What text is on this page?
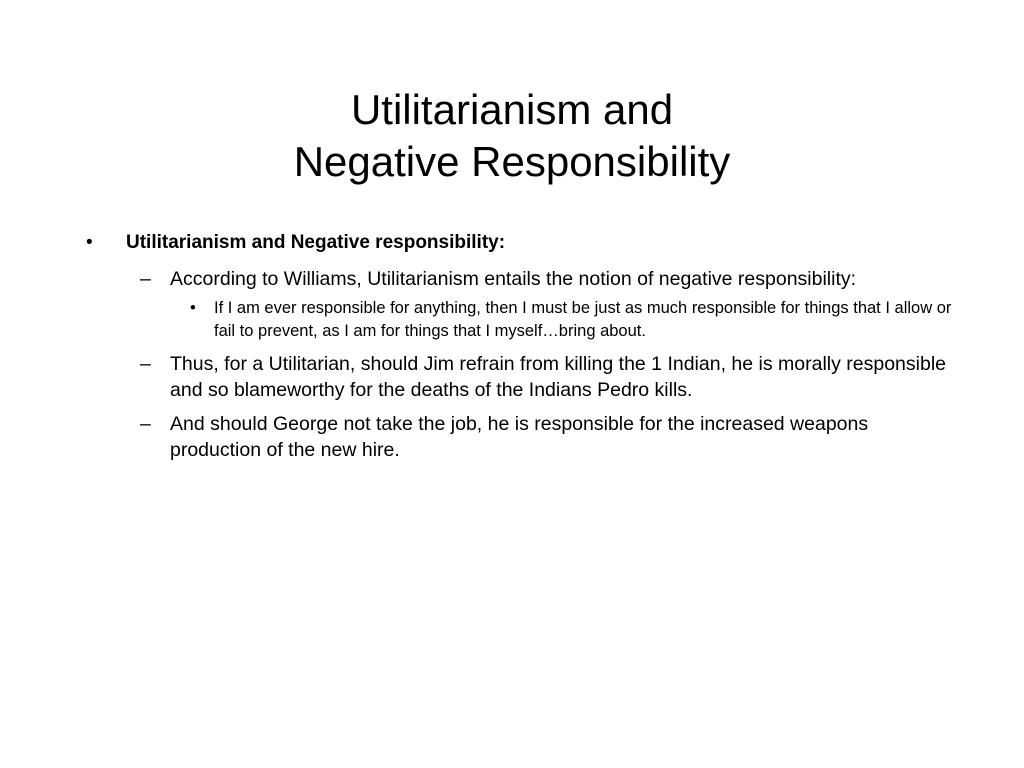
Utilitarianism and
Negative Responsibility
• Utilitarianism and Negative responsibility:
– According to Williams, Utilitarianism entails the notion of negative responsibility:
• If I am ever responsible for anything, then I must be just as much responsible for things that I allow or fail to prevent, as I am for things that I myself…bring about.
– Thus, for a Utilitarian, should Jim refrain from killing the 1 Indian, he is morally responsible and so blameworthy for the deaths of the Indians Pedro kills.
– And should George not take the job, he is responsible for the increased weapons production of the new hire.
